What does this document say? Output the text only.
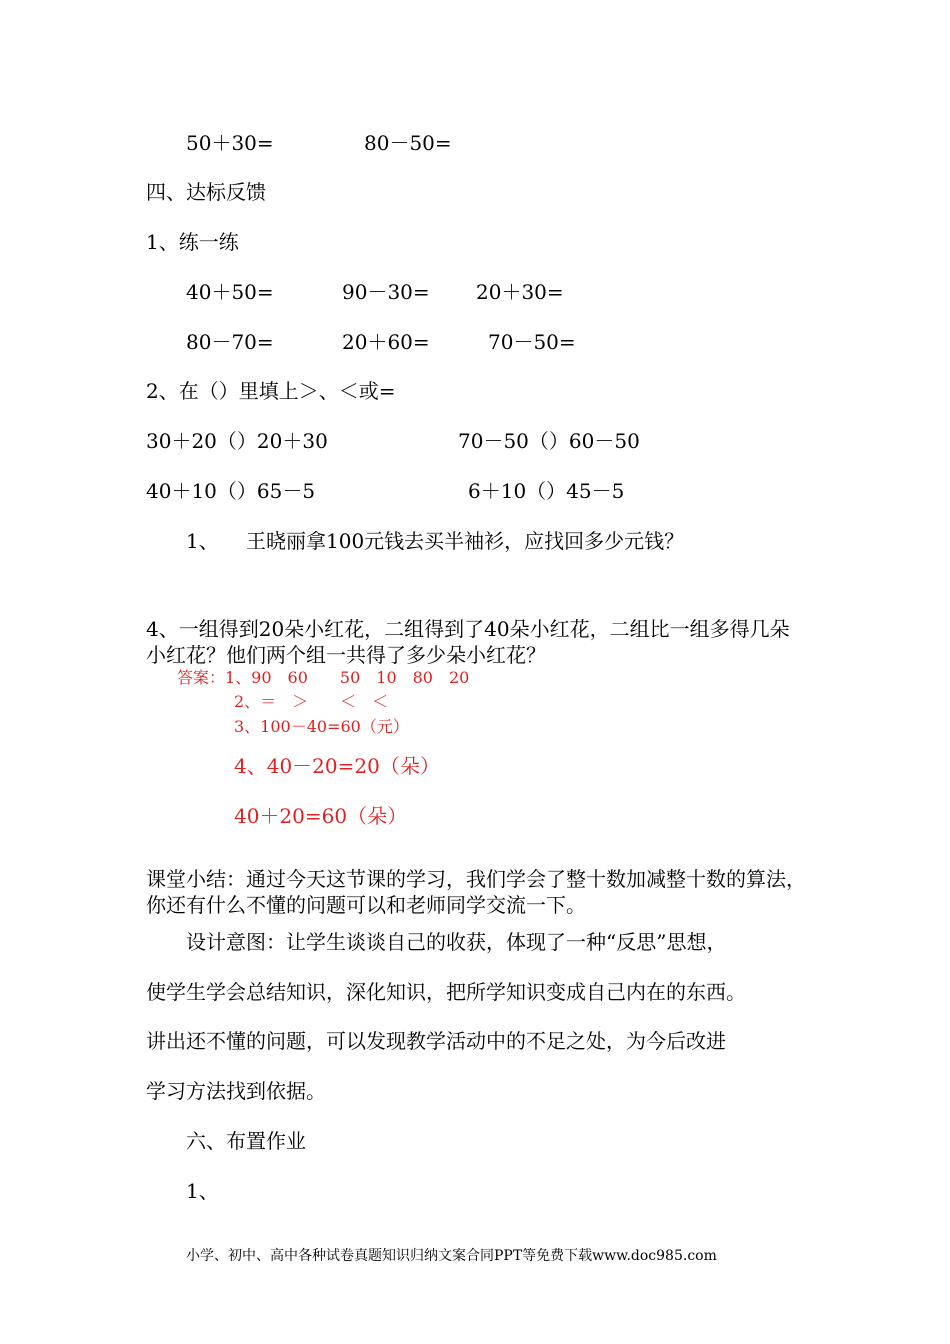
50＋30=	80－50=
四、达标反馈
1、练一练
40＋50=	90－30= 20＋30=
80－70=	20＋60=	70－50=
2、在（）里填上＞、＜或=
30＋20（）20＋30	70－50（）60－50
40＋10（）65－5	6＋10（）45－5
1、 王晓丽拿100元钱去买半袖衫，应找回多少元钱？
4、一组得到20朵小红花，二组得到了40朵小红花，二组比一组多得几朵小红花？他们两个组一共得了多少朵小红花？
答案：1、90　60　　50　10　80　20
2、＝　＞　　＜　＜
3、100－40=60（元）
4、40－20=20（朵）
40＋20=60（朵）
课堂小结：通过今天这节课的学习，我们学会了整十数加减整十数的算法，你还有什么不懂的问题可以和老师同学交流一下。
设计意图：让学生谈谈自己的收获，体现了一种“反思”思想，
使学生学会总结知识，深化知识，把所学知识变成自己内在的东西。
讲出还不懂的问题，可以发现教学活动中的不足之处，为今后改进
学习方法找到依据。
六、布置作业
1、
小学、初中、高中各种试卷真题知识归纳文案合同PPT等免费下载www.doc985.com
